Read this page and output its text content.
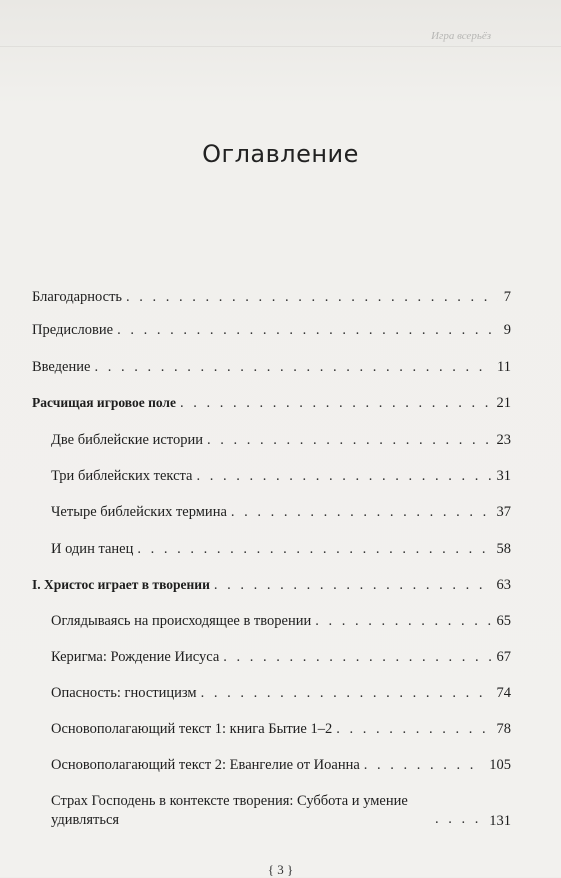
Игра всерьёз
Оглавление
Благодарность . . .	7
Предисловие . . .	9
Введение . . .	11
Расчищая игровое поле . . .	21
Две библейские истории . . .	23
Три библейских текста . . .	31
Четыре библейских термина . . .	37
И один танец . . .	58
I. Христос играет в творении . . .	63
Оглядываясь на происходящее в творении . . .	65
Керигма: Рождение Иисуса . . .	67
Опасность: гностицизм . . .	74
Основополагающий текст 1: книга Бытие 1–2 . . .	78
Основополагающий текст 2: Евангелие от Иоанна . . .	105
Страх Господень в контексте творения: Суббота и умение удивляться . . .	131
{ 3 }
